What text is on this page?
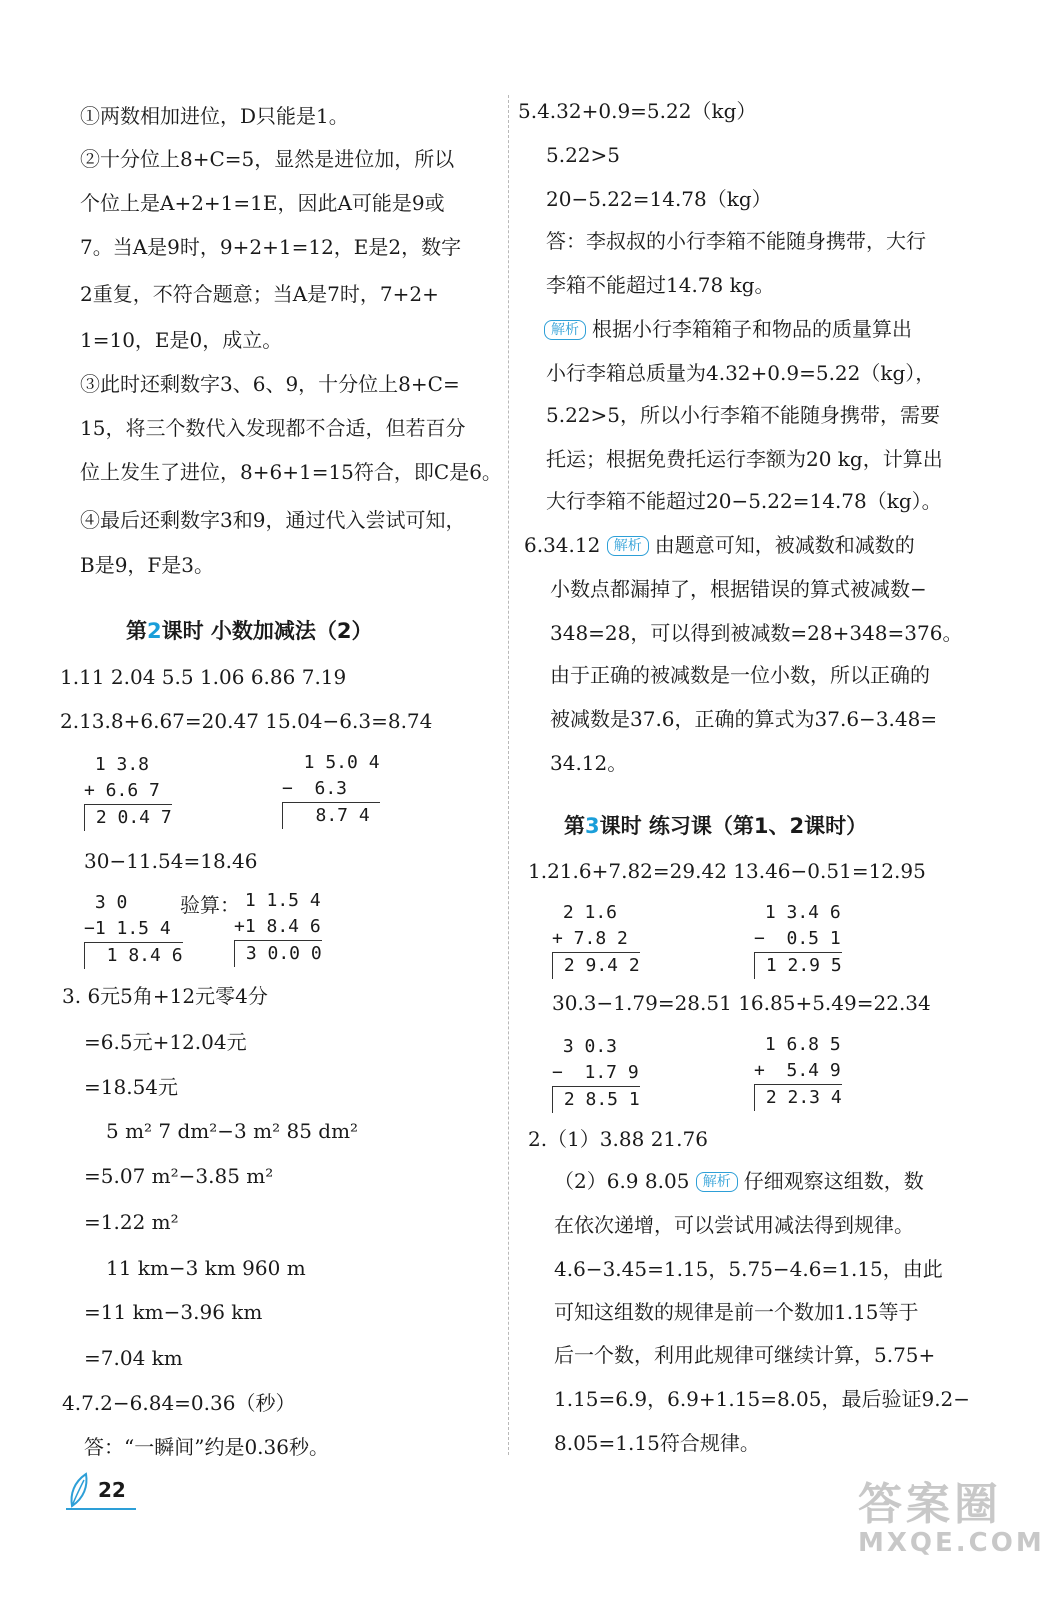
①两数相加进位，D只能是1。
②十分位上8+C=5，显然是进位加，所以
个位上是A+2+1=1E，因此A可能是9或
7。当A是9时，9+2+1=12，E是2，数字
2重复，不符合题意；当A是7时，7+2+
1=10，E是0，成立。
③此时还剩数字3、6、9，十分位上8+C=
15，将三个数代入发现都不合适，但若百分
位上发生了进位，8+6+1=15符合，即C是6。
④最后还剩数字3和9，通过代入尝试可知，
B是9，F是3。
第2课时 小数加减法（2）
1.11 2.04 5.5 1.06 6.86 7.19
2.13.8+6.67=20.47 15.04−6.3=8.74
1 3.8
+ 6.6 7
2 0.4 7
1 5.0 4
−  6.3
8.7 4
30−11.54=18.46
3 0
−1 1.5 4
1 8.4 6
验算：
1 1.5 4
+1 8.4 6
3 0.0 0
3. 6元5角+12元零4分
=6.5元+12.04元
=18.54元
5 m² 7 dm²−3 m² 85 dm²
=5.07 m²−3.85 m²
=1.22 m²
11 km−3 km 960 m
=11 km−3.96 km
=7.04 km
4.7.2−6.84=0.36（秒）
答：“一瞬间”约是0.36秒。
5.4.32+0.9=5.22（kg）
5.22>5
20−5.22=14.78（kg）
答：李叔叔的小行李箱不能随身携带，大行
李箱不能超过14.78 kg。
解析 根据小行李箱箱子和物品的质量算出
小行李箱总质量为4.32+0.9=5.22（kg），
5.22>5，所以小行李箱不能随身携带，需要
托运；根据免费托运行李额为20 kg，计算出
大行李箱不能超过20−5.22=14.78（kg）。
6.34.12 解析 由题意可知，被减数和减数的
小数点都漏掉了，根据错误的算式被减数−
348=28，可以得到被减数=28+348=376。
由于正确的被减数是一位小数，所以正确的
被减数是37.6，正确的算式为37.6−3.48=
34.12。
第3课时 练习课（第1、2课时）
1.21.6+7.82=29.42 13.46−0.51=12.95
2 1.6
+ 7.8 2
2 9.4 2
1 3.4 6
−  0.5 1
1 2.9 5
30.3−1.79=28.51 16.85+5.49=22.34
3 0.3
−  1.7 9
2 8.5 1
1 6.8 5
+  5.4 9
2 2.3 4
2.（1）3.88 21.76
（2）6.9 8.05 解析 仔细观察这组数，数
在依次递增，可以尝试用减法得到规律。
4.6−3.45=1.15，5.75−4.6=1.15，由此
可知这组数的规律是前一个数加1.15等于
后一个数，利用此规律可继续计算，5.75+
1.15=6.9，6.9+1.15=8.05，最后验证9.2−
8.05=1.15符合规律。
22	答案圈
MXQE.COM
